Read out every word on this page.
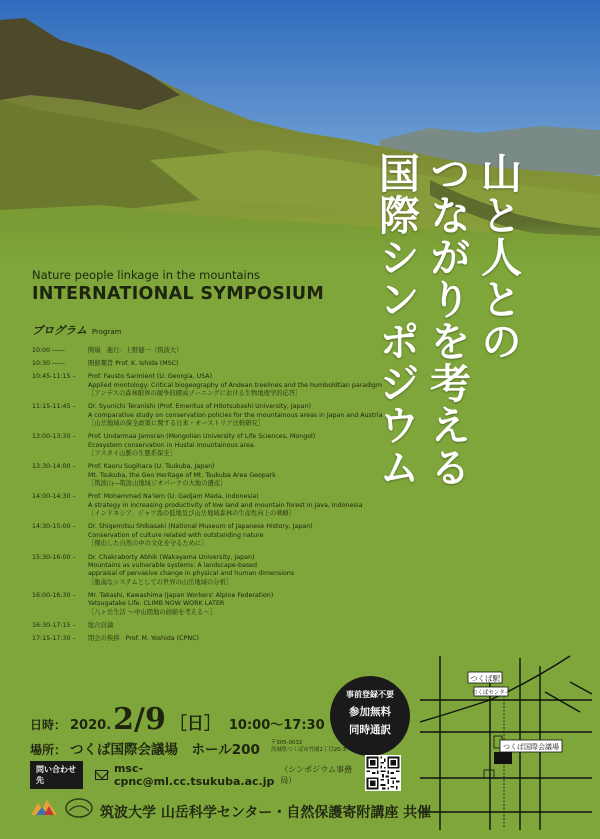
山と人との
つながりを考える
国際シンポジウム
Nature people linkage in the mountains
INTERNATIONAL SYMPOSIUM
プログラム Program
10:00 ――	開場　進行：上野健一（筑波大）
10:30 ――	開催趣旨 Prof. K. Ishida (MSC)
10:45-11:15 –	Prof. Fausto Sarmient (U. Georgia, USA)
Applied montology: Critical biogeography of Andean treelines and the humboldtian paradigm
［アンデスの森林限界の競争的標高ゾーニングにおける生物地理学的応答］
11:15-11:45 –	Dr. Syunichi Teranishi (Prof. Emeritus of Hitotsubashi University, Japan)
A comparative study on conservation policies for the mountainous areas in Japan and Austria
［山岳地域の保全政策に関する日本・オーストリア比較研究］
13:00-13:30 –	Prof. Undarmaa Jamsran (Mongolian University of Life Sciences, Mongol)
Ecosystem conservation in Hustai mountainous area
［フスタイ山脈の生態系保全］
13:30-14:00 –	Prof. Kaoru Sugihara (U. Tsukuba, Japan)
Mt. Tsukuba, the Geo Heritage of Mt. Tsukuba Area Geopark
［筑波山―筑波山地域ジオパークの大地の遺産］
14:00-14:30 –	Prof. Mohammad Na'iem (U. Gadjam Mada, Indonesia)
A strategy in increasing productivity of low land and mountain forest in Java, Indonesia
［インドネシア、ジャワ島の低地及び山岳地域森林の生産性向上の戦略］
14:30-15:00 –	Dr. Shigemitsu Shibasaki (National Museum of Japanese History, Japan)
Conservation of culture related with outstanding nature
［傑出した自然の中の文化を守るために］
15:30-16:00 –	Dr. Chakraborty Abhik (Wakayama University, Japan)
Mountains as vulnerable systems: A landscape-based
appraisal of pervasive change in physical and human dimensions
［脆弱なシステムとしての世界の山岳地域の分析］
16:00-16:30 –	Mr. Takashi, Kawashima (Japan Workers' Alpine Federation)
Yatsugatake Life: CLIMB NOW WORK LATER
［八ヶ岳生活 ～中山間地の価値を考える～］
16:30-17:15 –	総合討論
17:15-17:30 –	閉会の挨拶　Prof. M. Yoshida (CPNC)
事前登録不要
参加無料
同時通訳
日時： 2020.2/9 ［日］ 10:00〜17:30
場所： つくば国際会議場　ホール200 〒305-0032
茨城県つくば市竹園2丁目20-3
問い合わせ先
msc-cpnc@ml.cc.tsukuba.ac.jp
（シンポジウム事務局）
つくば駅
つくばセンター
つくば国際会議場
筑波大学 山岳科学センター・自然保護寄附講座 共催
